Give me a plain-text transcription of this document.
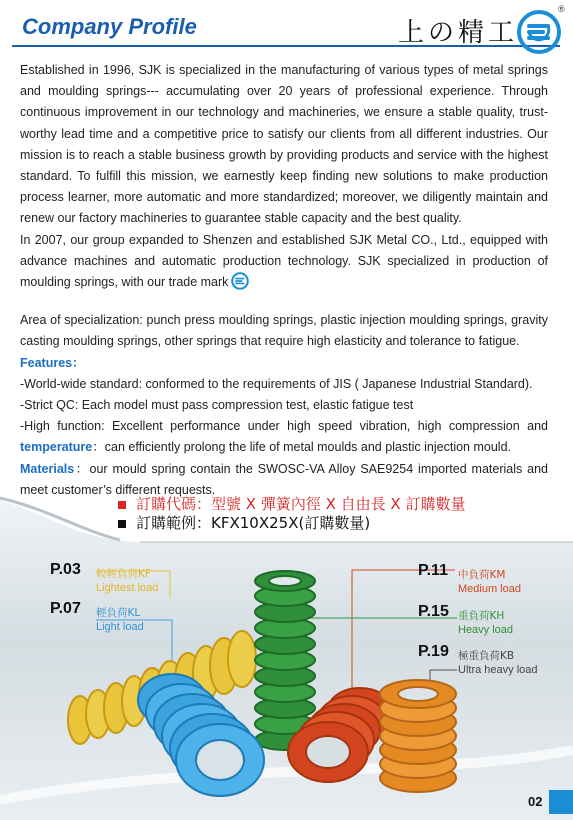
Company Profile	上の精工
®

Established in 1996, SJK is specialized in the manufacturing of various types of metal springs and moulding springs--- accumulating over 20 years of professional experience. Through continuous improvement in our technology and machineries, we ensure a stable quality, trust-worthy lead time and a competitive price to satisfy our clients from all different industries. Our mission is to reach a stable business growth by providing products and service with the highest standard. To fulfill this mission, we earnestly keep finding new solutions to make production process learner, more automatic and more standardized; moreover, we diligently maintain and renew our factory machineries to guarantee stable capacity and the best quality.

In 2007, our group expanded to Shenzen and established SJK Metal CO., Ltd., equipped with advance machines and automatic production technology. SJK specialized in production of moulding springs, with our trade mark

Area of specialization: punch press moulding springs, plastic injection moulding springs, gravity casting moulding springs, other springs that require high elasticity and tolerance to fatigue.

Features：

-World-wide standard: conformed to the requirements of JIS ( Japanese Industrial Standard).

-Strict QC: Each model must pass compression test, elastic fatigue test

-High function: Excellent performance under high speed vibration, high compression and temperature：can efficiently prolong the life of metal moulds and plastic injection mould.

Materials：our mould spring contain the SWOSC-VA Alloy SAE9254 imported materials and meet customer’s different requests.

訂購代碼：型號 X 彈簧內徑 X 自由長 X 訂購數量
訂購範例：KFX10X25X(訂購數量)
P.03 較輕負荷KF
Lightest load
P.07 輕負荷KL
Light load
P.11 中負荷KM
Medium load
P.15 重負荷KH
Heavy load
P.19 極重負荷KB
Ultra heavy load
02
